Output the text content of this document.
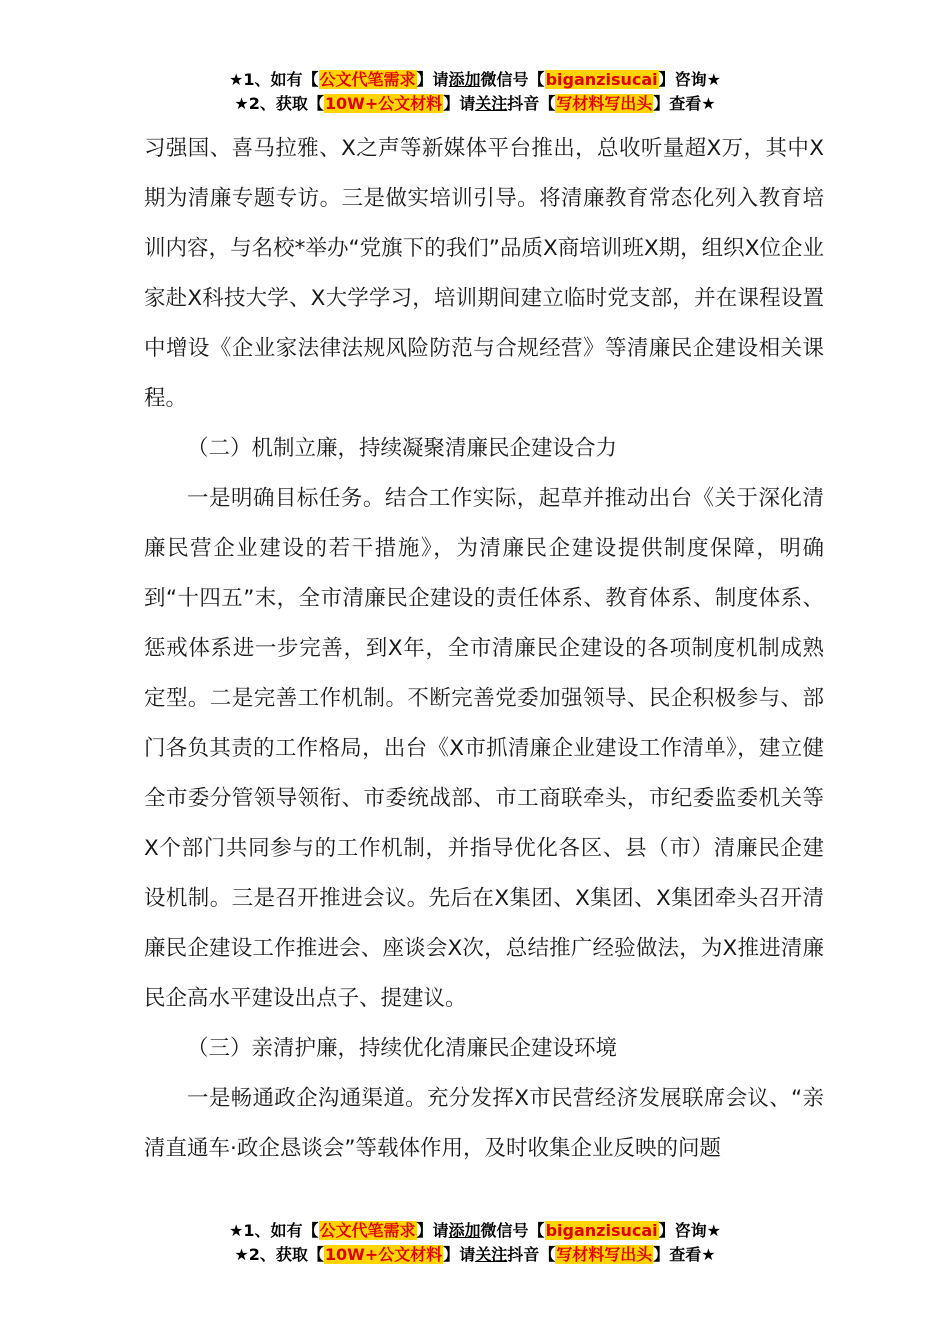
★1、如有【公文代笔需求】请添加微信号【biganzisucai】咨询★
★2、获取【10W+公文材料】请关注抖音【写材料写出头】查看★

习强国、喜马拉雅、X之声等新媒体平台推出，总收听量超X万，其中X期为清廉专题专访。三是做实培训引导。将清廉教育常态化列入教育培训内容，与名校*举办“党旗下的我们”品质X商培训班X期，组织X位企业家赴X科技大学、X大学学习，培训期间建立临时党支部，并在课程设置中增设《企业家法律法规风险防范与合规经营》等清廉民企建设相关课程。

（二）机制立廉，持续凝聚清廉民企建设合力

一是明确目标任务。结合工作实际，起草并推动出台《关于深化清廉民营企业建设的若干措施》，为清廉民企建设提供制度保障，明确到“十四五”末，全市清廉民企建设的责任体系、教育体系、制度体系、惩戒体系进一步完善，到X年，全市清廉民企建设的各项制度机制成熟定型。二是完善工作机制。不断完善党委加强领导、民企积极参与、部门各负其责的工作格局，出台《X市抓清廉企业建设工作清单》，建立健全市委分管领导领衔、市委统战部、市工商联牵头，市纪委监委机关等X个部门共同参与的工作机制，并指导优化各区、县（市）清廉民企建设机制。三是召开推进会议。先后在X集团、X集团、X集团牵头召开清廉民企建设工作推进会、座谈会X次，总结推广经验做法，为X推进清廉民企高水平建设出点子、提建议。

（三）亲清护廉，持续优化清廉民企建设环境

一是畅通政企沟通渠道。充分发挥X市民营经济发展联席会议、“亲清直通车·政企恳谈会”等载体作用，及时收集企业反映的问题

★1、如有【公文代笔需求】请添加微信号【biganzisucai】咨询★
★2、获取【10W+公文材料】请关注抖音【写材料写出头】查看★
